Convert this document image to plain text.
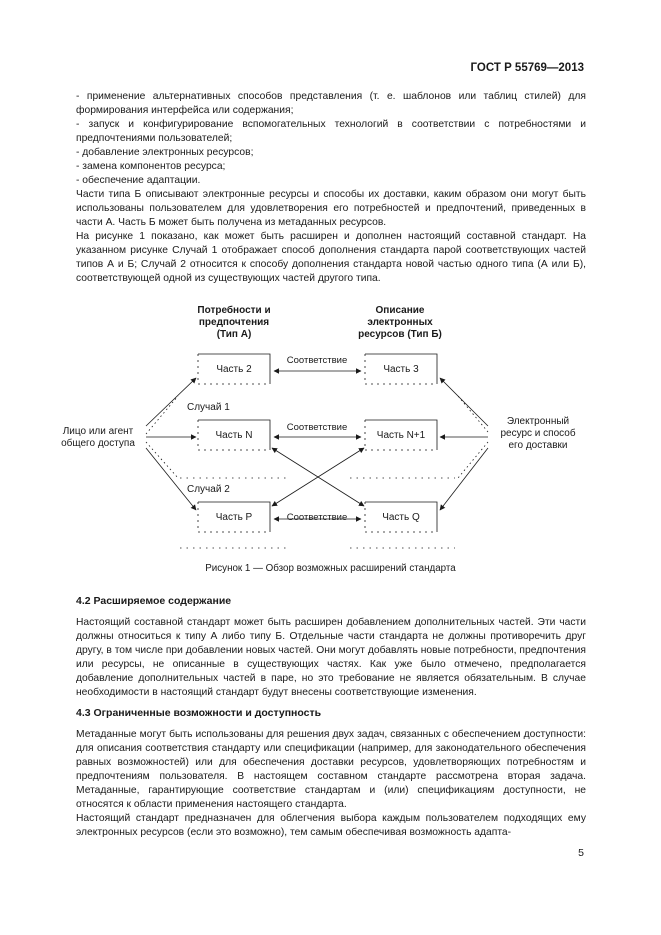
ГОСТ Р 55769—2013

- применение альтернативных способов представления (т. е. шаблонов или таблиц стилей) для формирования интерфейса или содержания;

- запуск и конфигурирование вспомогательных технологий в соответствии с потребностями и предпочтениями пользователей;

- добавление электронных ресурсов;

- замена компонентов ресурса;

- обеспечение адаптации.

Части типа Б описывают электронные ресурсы и способы их доставки, каким образом они могут быть использованы пользователем для удовлетворения его потребностей и предпочтений, приведенных в части А. Часть Б может быть получена из метаданных ресурсов.

На рисунке 1 показано, как может быть расширен и дополнен настоящий составной стандарт. На указанном рисунке Случай 1 отображает способ дополнения стандарта парой соответствующих частей типов А и Б; Случай 2 относится к способу дополнения стандарта новой частью одного типа (А или Б), соответствующей одной из существующих частей другого типа.

Потребности и
предпочтения
(Тип А)
Описание
электронных
ресурсов (Тип Б)
Часть 2	Часть 3
Часть N	Часть N+1
Часть P	Часть Q
Соответствие
Соответствие
Соответствие
Лицо или агент
общего доступа
Случай 1
Случай 2
Электронный
ресурс и способ
его доставки
Рисунок 1 — Обзор возможных расширений стандарта
4.2 Расширяемое содержание

Настоящий составной стандарт может быть расширен добавлением дополнительных частей. Эти части должны относиться к типу А либо типу Б. Отдельные части стандарта не должны противоречить друг другу, в том числе при добавлении новых частей. Они могут добавлять новые потребности, предпочтения или ресурсы, не описанные в существующих частях. Как уже было отмечено, предполагается добавление дополнительных частей в паре, но это требование не является обязательным. В случае необходимости в настоящий стандарт будут внесены соответствующие изменения.

4.3 Ограниченные возможности и доступность

Метаданные могут быть использованы для решения двух задач, связанных с обеспечением доступности: для описания соответствия стандарту или спецификации (например, для законодательного обеспечения равных возможностей) или для обеспечения доставки ресурсов, удовлетворяющих потребностям и предпочтениям пользователя. В настоящем составном стандарте рассмотрена вторая задача. Метаданные, гарантирующие соответствие стандартам и (или) спецификациям доступности, не относятся к области применения настоящего стандарта.

Настоящий стандарт предназначен для облегчения выбора каждым пользователем подходящих ему электронных ресурсов (если это возможно), тем самым обеспечивая возможность адапта-

5
